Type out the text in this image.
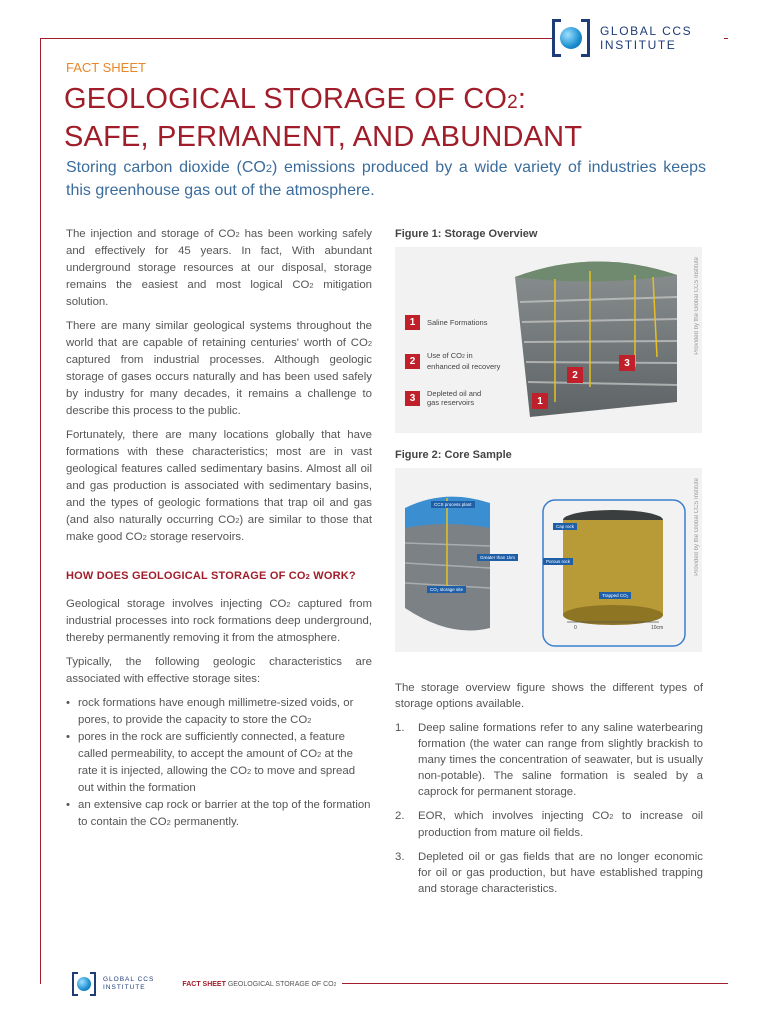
GLOBAL CCS
INSTITUTE
FACT SHEET
GEOLOGICAL STORAGE OF CO2:
SAFE, PERMANENT, AND ABUNDANT

Storing carbon dioxide (CO2) emissions produced by a wide variety of industries keeps this greenhouse gas out of the atmosphere.

The injection and storage of CO2 has been working safely and effectively for 45 years. In fact, With abundant underground storage resources at our disposal, storage remains the easiest and most logical CO2 mitigation solution.

There are many similar geological systems throughout the world that are capable of retaining centuries' worth of CO2 captured from industrial processes. Although geologic storage of gases occurs naturally and has been used safely by industry for many decades, it remains a challenge to describe this process to the public.

Fortunately, there are many locations globally that have formations with these characteristics; most are in vast geological features called sedimentary basins. Almost all oil and gas production is associated with sedimentary basins, and the types of geologic formations that trap oil and gas (and also naturally occurring CO2) are similar to those that make good CO2 storage reservoirs.

HOW DOES GEOLOGICAL STORAGE OF CO2 WORK?

Geological storage involves injecting CO2 captured from industrial processes into rock formations deep underground, thereby permanently removing it from the atmosphere.

Typically, the following geologic characteristics are associated with effective storage sites:

• rock formations have enough millimetre-sized voids, or pores, to provide the capacity to store the CO2
• pores in the rock are sufficiently connected, a feature called permeability, to accept the amount of CO2 at the rate it is injected, allowing the CO2 to move and spread out within the formation
• an extensive cap rock or barrier at the top of the formation to contain the CO2 permanently.
Figure 1: Storage Overview
1	Saline Formations
2	Use of CO2 in
enhanced oil recovery
3	Depleted oil and
gas reservoirs	1
2
3
Provided by the Global CCS Institute
Figure 2: Core Sample
CCS process plant
Greater than 1km
CO₂ storage site
Cap rock
Porous rock
Trapped CO₂
0	10cm
Provided by the Global CCS Institute

The storage overview figure shows the different types of storage options available.

1. Deep saline formations refer to any saline waterbearing formation (the water can range from slightly brackish to many times the concentration of seawater, but is usually non-potable). The saline formation is sealed by a caprock for permanent storage.
2. EOR, which involves injecting CO2 to increase oil production from mature oil fields.
3. Depleted oil or gas fields that are no longer economic for oil or gas production, but have established trapping and storage characteristics.
GLOBAL CCS
INSTITUTE	FACT SHEET GEOLOGICAL STORAGE OF CO2
